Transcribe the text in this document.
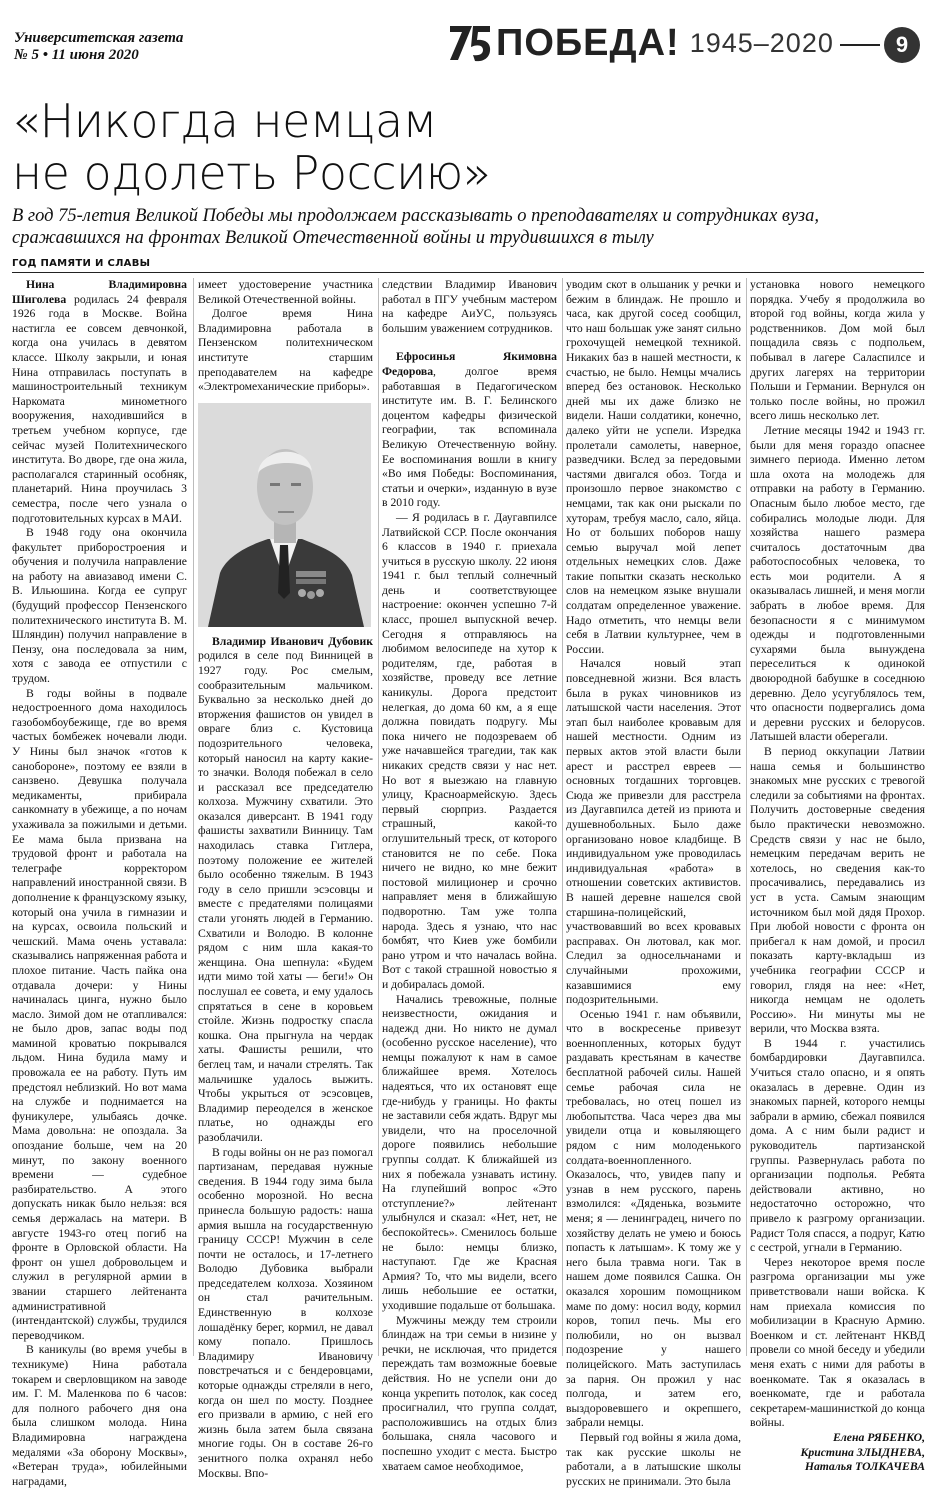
Университетская газета
№ 5 • 11 июня 2020	ПОБЕДА! 1945–2020	9
«Никогда немцам
не одолеть Россию»
В год 75-летия Великой Победы мы продолжаем рассказывать о преподавателях и сотрудниках вуза,
сражавшихся на фронтах Великой Отечественной войны и трудившихся в тылу
ГОД ПАМЯТИ И СЛАВЫ

Нина Владимировна Шиголева родилась 24 февраля 1926 года в Москве. Война настигла ее совсем девчонкой, когда она училась в девятом классе. Школу закрыли, и юная Нина отправилась поступать в машиностроительный техникум Наркомата минометного вооружения, находившийся в третьем учебном корпусе, где сейчас музей Политехнического института. Во дворе, где она жила, располагался старинный особняк, планетарий. Нина проучилась 3 семестра, после чего узнала о подготовительных курсах в МАИ.

В 1948 году она окончила факультет приборостроения и обучения и получила направление на работу на авиазавод имени С. В. Ильюшина. Когда ее супруг (будущий профессор Пензенского политехнического института В. М. Шляндин) получил направление в Пензу, она последовала за ним, хотя с завода ее отпустили с трудом.

В годы войны в подвале недостроенного дома находилось газобомбоубежище, где во время частых бомбежек ночевали люди. У Нины был значок «готов к санобороне», поэтому ее взяли в санзвено. Девушка получала медикаменты, прибирала санкомнату в убежище, а по ночам ухаживала за пожилыми и детьми. Ее мама была призвана на трудовой фронт и работала на телеграфе корректором направлений иностранной связи. В дополнение к французскому языку, который она учила в гимназии и на курсах, освоила польский и чешский. Мама очень уставала: сказывались напряженная работа и плохое питание. Часть пайка она отдавала дочери: у Нины начиналась цинга, нужно было масло. Зимой дом не отапливался: не было дров, запас воды под маминой кроватью покрывался льдом. Нина будила маму и провожала ее на работу. Путь им предстоял неблизкий. Но вот мама на службе и поднимается на фуникулере, улыбаясь дочке. Мама довольна: не опоздала. За опоздание больше, чем на 20 минут, по закону военного времени — судебное разбирательство. А этого допускать никак было нельзя: вся семья держалась на матери. В августе 1943-го отец погиб на фронте в Орловской области. На фронт он ушел добровольцем и служил в регулярной армии в звании старшего лейтенанта административной (интендантской) службы, трудился переводчиком.

В каникулы (во время учебы в техникуме) Нина работала токарем и сверловщиком на заводе им. Г. М. Маленкова по 6 часов: для полного рабочего дня она была слишком молода. Нина Владимировна награждена медалями «За оборону Москвы», «Ветеран труда», юбилейными наградами,

имеет удостоверение участника Великой Отечественной войны.

Долгое время Нина Владимировна работала в Пензенском политехническом институте старшим преподавателем на кафедре «Электромеханические приборы».

Владимир Иванович Дубовик родился в селе под Винницей в 1927 году. Рос смелым, сообразительным мальчиком. Буквально за несколько дней до вторжения фашистов он увидел в овраге близ с. Кустовица подозрительного человека, который наносил на карту какие-то значки. Володя побежал в село и рассказал все председателю колхоза. Мужчину схватили. Это оказался диверсант. В 1941 году фашисты захватили Винницу. Там находилась ставка Гитлера, поэтому положение ее жителей было особенно тяжелым. В 1943 году в село пришли эсэсовцы и вместе с предателями полицаями стали угонять людей в Германию. Схватили и Володю. В колонне рядом с ним шла какая-то женщина. Она шепнула: «Будем идти мимо той хаты — беги!» Он послушал ее совета, и ему удалось спрятаться в сене в коровьем стойле. Жизнь подростку спасла кошка. Она прыгнула на чердак хаты. Фашисты решили, что беглец там, и начали стрелять. Так мальчишке удалось выжить. Чтобы укрыться от эсэсовцев, Владимир переоделся в женское платье, но однажды его разоблачили.

В годы войны он не раз помогал партизанам, передавая нужные сведения. В 1944 году зима была особенно морозной. Но весна принесла большую радость: наша армия вышла на государственную границу СССР! Мужчин в селе почти не осталось, и 17-летнего Володю Дубовика выбрали председателем колхоза. Хозяином он стал рачительным. Единственную в колхозе лошадёнку берег, кормил, не давал кому попало. Пришлось Владимиру Ивановичу повстречаться и с бендеровцами, которые однажды стреляли в него, когда он шел по мосту. Позднее его призвали в армию, с ней его жизнь была затем была связана многие годы. Он в составе 26-го зенитного полка охранял небо Москвы. Впо-

следствии Владимир Иванович работал в ПГУ учебным мастером на кафедре АиУС, пользуясь большим уважением сотрудников.

Ефросинья Якимовна Федорова, долгое время работавшая в Педагогическом институте им. В. Г. Белинского доцентом кафедры физической географии, так вспоминала Великую Отечественную войну. Ее воспоминания вошли в книгу «Во имя Победы: Воспоминания, статьи и очерки», изданную в вузе в 2010 году.

— Я родилась в г. Даугавпилсе Латвийской ССР. После окончания 6 классов в 1940 г. приехала учиться в русскую школу. 22 июня 1941 г. был теплый солнечный день и соответствующее настроение: окончен успешно 7-й класс, прошел выпускной вечер. Сегодня я отправляюсь на любимом велосипеде на хутор к родителям, где, работая в хозяйстве, проведу все летние каникулы. Дорога предстоит нелегкая, до дома 60 км, а я еще должна повидать подругу. Мы пока ничего не подозреваем об уже начавшейся трагедии, так как никаких средств связи у нас нет. Но вот я выезжаю на главную улицу, Красноармейскую. Здесь первый сюрприз. Раздается страшный, какой-то оглушительный треск, от которого становится не по себе. Пока ничего не видно, ко мне бежит постовой милиционер и срочно направляет меня в ближайшую подворотню. Там уже толпа народа. Здесь я узнаю, что нас бомбят, что Киев уже бомбили рано утром и что началась война. Вот с такой страшной новостью я и добиралась домой.

Начались тревожные, полные неизвестности, ожидания и надежд дни. Но никто не думал (особенно русское население), что немцы пожалуют к нам в самое ближайшее время. Хотелось надеяться, что их остановят еще где-нибудь у границы. Но факты не заставили себя ждать. Вдруг мы увидели, что на проселочной дороге появились небольшие группы солдат. К ближайшей из них я побежала узнавать истину. На глупейший вопрос «Это отступление?» лейтенант улыбнулся и сказал: «Нет, нет, не беспокойтесь». Сменилось больше не было: немцы близко, наступают. Где же Красная Армия? То, что мы видели, всего лишь небольшие ее остатки, уходившие подальше от большака.

Мужчины между тем строили блиндаж на три семьи в низине у речки, не исключая, что придется переждать там возможные боевые действия. Но не успели они до конца укрепить потолок, как сосед просигналил, что группа солдат, расположившись на отдых близ большака, сняла часового и поспешно уходит с места. Быстро хватаем самое необходимое,

уводим скот в ольшаник у речки и бежим в блиндаж. Не прошло и часа, как другой сосед сообщил, что наш большак уже занят сильно грохочущей немецкой техникой. Никаких баз в нашей местности, к счастью, не было. Немцы мчались вперед без остановок. Несколько дней мы их даже близко не видели. Наши солдатики, конечно, далеко уйти не успели. Изредка пролетали самолеты, наверное, разведчики. Вслед за передовыми частями двигался обоз. Тогда и произошло первое знакомство с немцами, так как они рыскали по хуторам, требуя масло, сало, яйца. Но от больших поборов нашу семью выручал мой лепет отдельных немецких слов. Даже такие попытки сказать несколько слов на немецком языке внушали солдатам определенное уважение. Надо отметить, что немцы вели себя в Латвии культурнее, чем в России.

Начался новый этап повседневной жизни. Вся власть была в руках чиновников из латышской части населения. Этот этап был наиболее кровавым для нашей местности. Одним из первых актов этой власти были арест и расстрел евреев — основных тогдашних торговцев. Сюда же привезли для расстрела из Даугавпилса детей из приюта и душевнобольных. Было даже организовано новое кладбище. В индивидуальном уже проводилась индивидуальная «работа» в отношении советских активистов. В нашей деревне нашелся свой старшина-полицейский, участвовавший во всех кровавых расправах. Он лютовал, как мог. Следил за односельчанами и случайными прохожими, казавшимися ему подозрительными.

Осенью 1941 г. нам объявили, что в воскресенье привезут военнопленных, которых будут раздавать крестьянам в качестве бесплатной рабочей силы. Нашей семье рабочая сила не требовалась, но отец пошел из любопытства. Часа через два мы увидели отца и ковыляющего рядом с ним молоденького солдата-военнопленного. Оказалось, что, увидев папу и узнав в нем русского, парень взмолился: «Дяденька, возьмите меня; я — ленинградец, ничего по хозяйству делать не умею и боюсь попасть к латышам». К тому же у него была травма ноги. Так в нашем доме появился Сашка. Он оказался хорошим помощником маме по дому: носил воду, кормил коров, топил печь. Мы его полюбили, но он вызвал подозрение у нашего полицейского. Мать заступилась за парня. Он прожил у нас полгода, и затем его, выздоровевшего и окрепшего, забрали немцы.

Первый год войны я жила дома, так как русские школы не работали, а в латышские школы русских не принимали. Это была

установка нового немецкого порядка. Учебу я продолжила во второй год войны, когда жила у родственников. Дом мой был пощадила связь с подпольем, побывал в лагере Саласпилсе и других лагерях на территории Польши и Германии. Вернулся он только после войны, но прожил всего лишь несколько лет.

Летние месяцы 1942 и 1943 гг. были для меня гораздо опаснее зимнего периода. Именно летом шла охота на молодежь для отправки на работу в Германию. Опасным было любое место, где собирались молодые люди. Для хозяйства нашего размера считалось достаточным два работоспособных человека, то есть мои родители. А я оказывалась лишней, и меня могли забрать в любое время. Для безопасности я с минимумом одежды и подготовленными сухарями была вынуждена переселиться к одинокой двоюродной бабушке в соседнюю деревню. Дело усугублялось тем, что опасности подвергались дома и деревни русских и белорусов. Латышей власти оберегали.

В период оккупации Латвии наша семья и большинство знакомых мне русских с тревогой следили за событиями на фронтах. Получить достоверные сведения было практически невозможно. Средств связи у нас не было, немецким передачам верить не хотелось, но сведения как-то просачивались, передавались из уст в уста. Самым знающим источником был мой дядя Прохор. При любой новости с фронта он прибегал к нам домой, и просил показать карту-вкладыш из учебника географии СССР и говорил, глядя на нее: «Нет, никогда немцам не одолеть Россию». Ни минуты мы не верили, что Москва взята.

В 1944 г. участились бомбардировки Даугавпилса. Учиться стало опасно, и я опять оказалась в деревне. Один из знакомых парней, которого немцы забрали в армию, сбежал появился дома. А с ним были радист и руководитель партизанской группы. Развернулась работа по организации подполья. Ребята действовали активно, но недостаточно осторожно, что привело к разгрому организации. Радист Толя спасся, а подруг, Катю с сестрой, угнали в Германию.

Через некоторое время после разгрома организации мы уже приветствовали наши войска. К нам приехала комиссия по мобилизации в Красную Армию. Военком и ст. лейтенант НКВД провели со мной беседу и убедили меня ехать с ними для работы в военкомате. Так я оказалась в военкомате, где и работала секретарем-машинисткой до конца войны.

Елена РЯБЕНКО,

Кристина ЗЛЫДНЕВА,

Наталья ТОЛКАЧЕВА
